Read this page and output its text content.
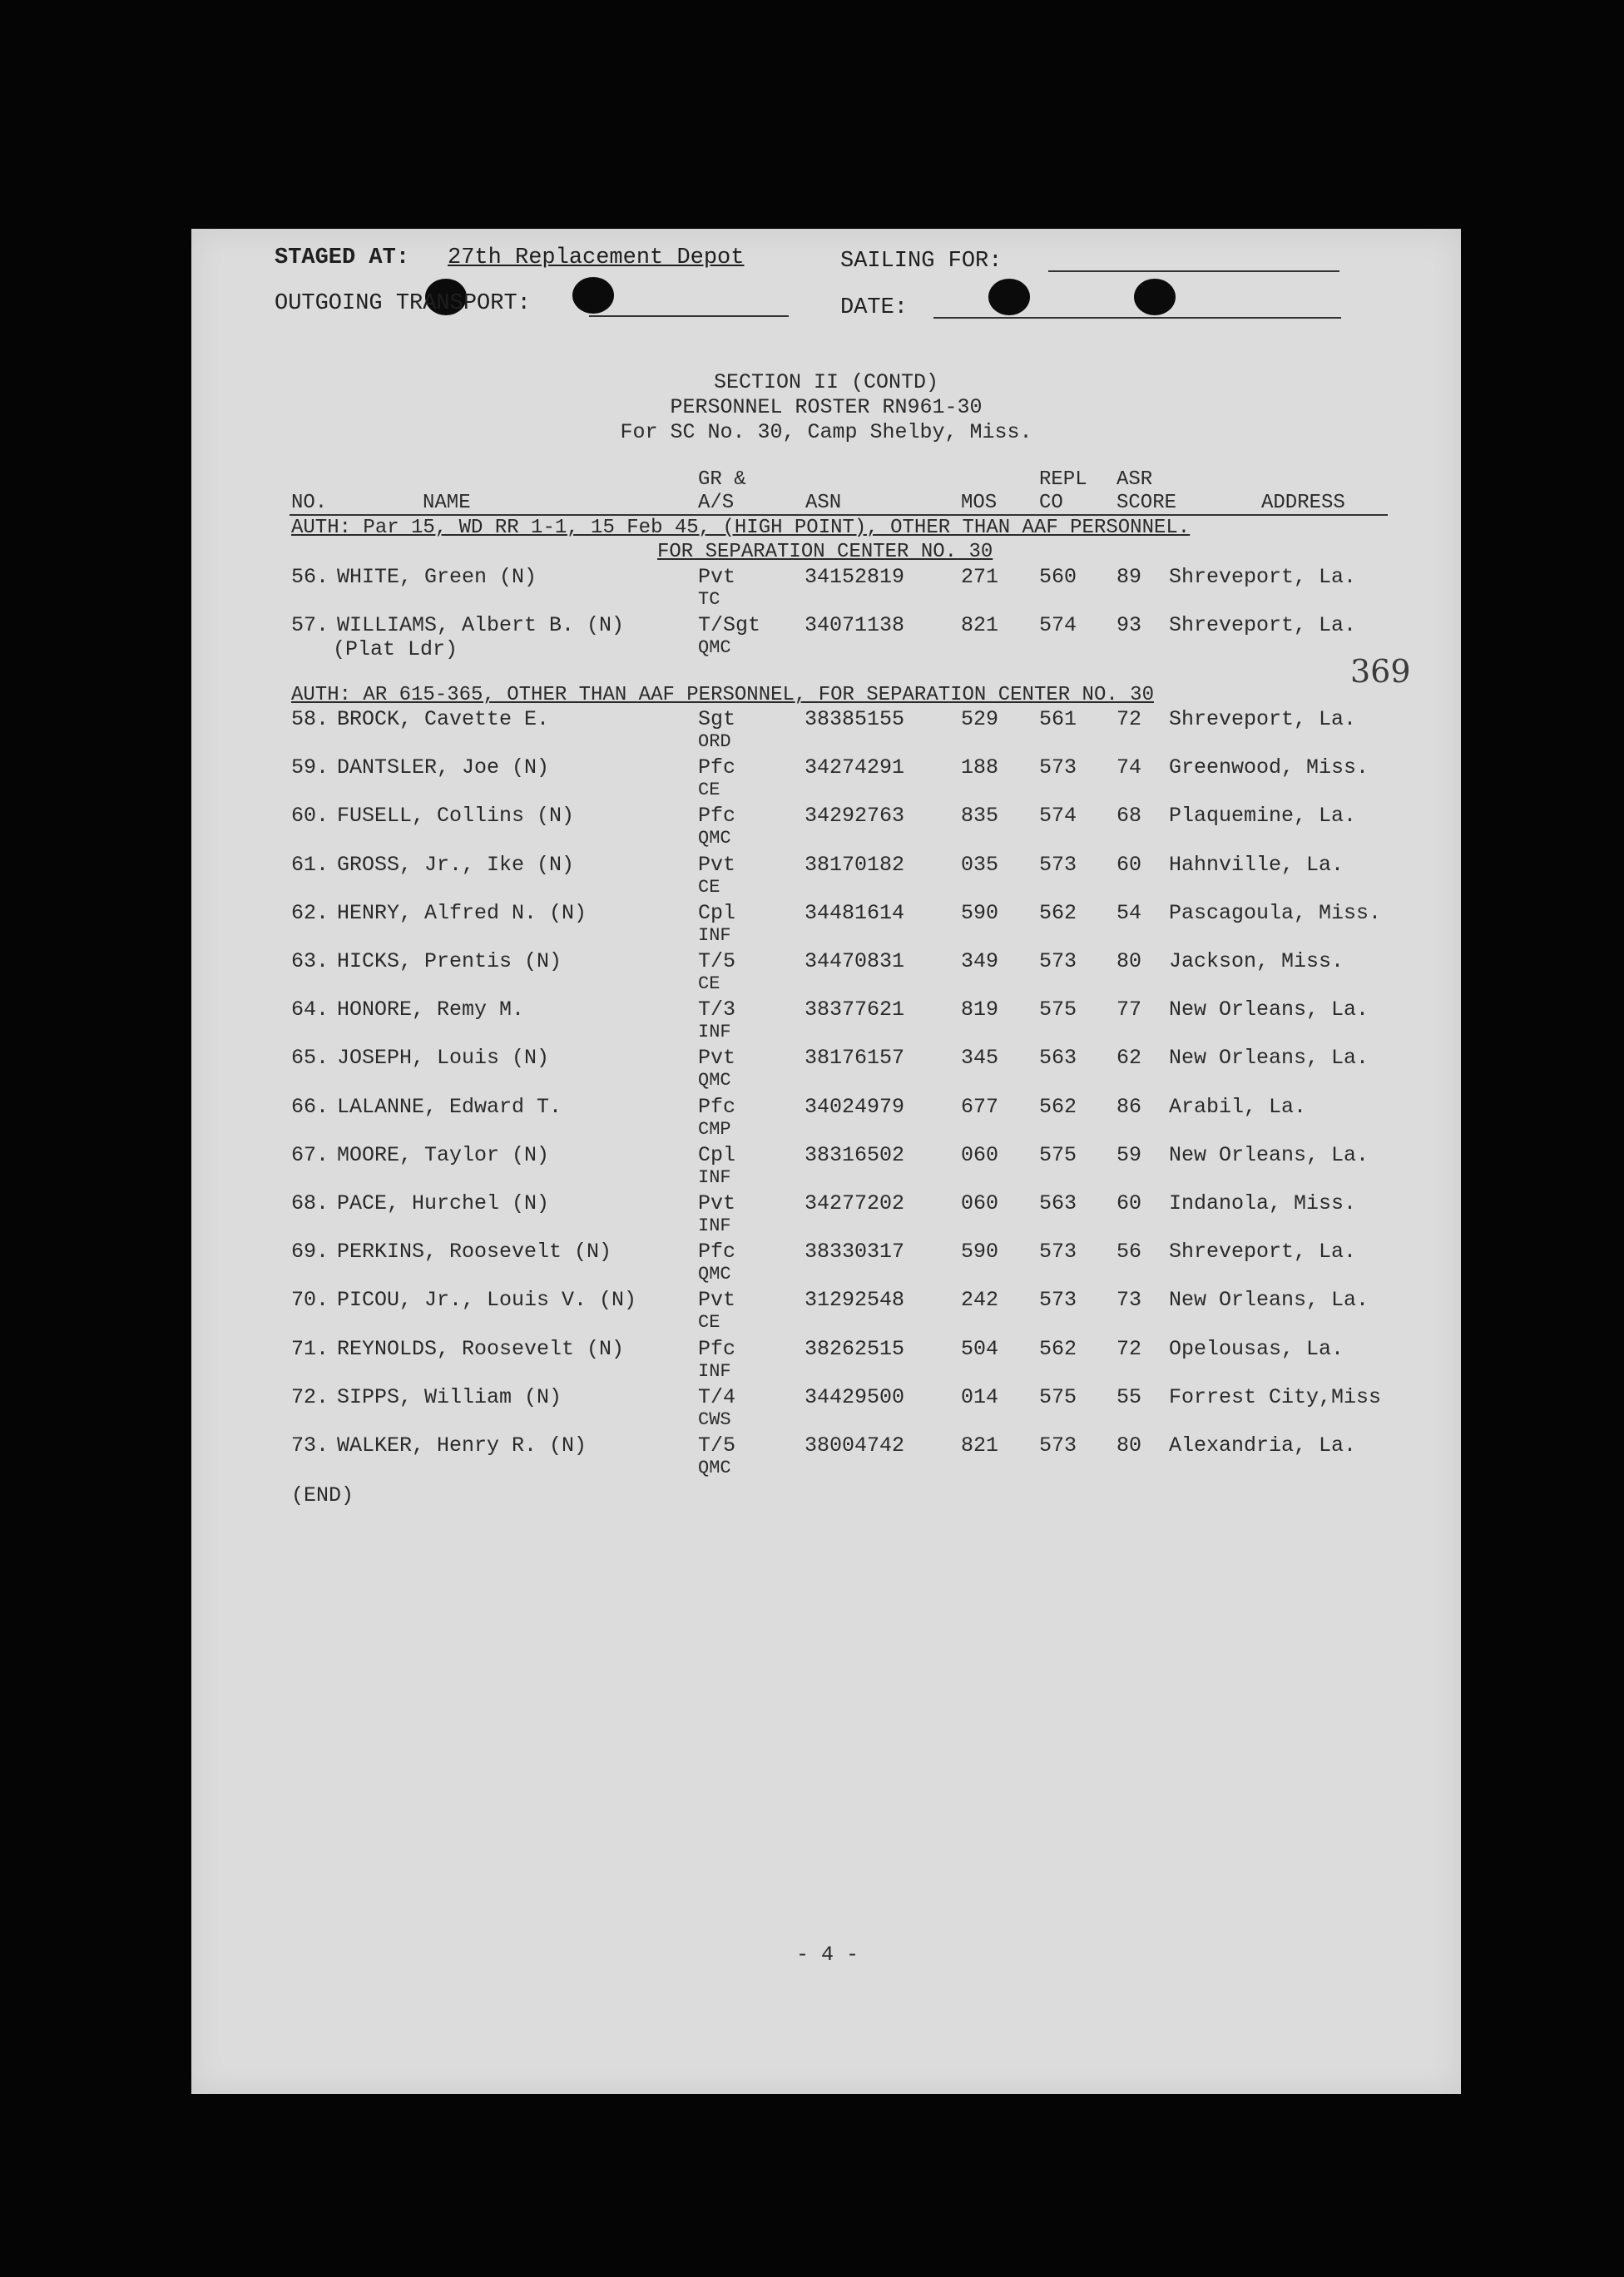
STAGED AT: 27th Replacement Depot	SAILING FOR:
OUTGOING TRANSPORT:	DATE:
SECTION II (CONTD)
PERSONNEL ROSTER RN961-30
For SC No. 30, Camp Shelby, Miss.
GR &	REPL ASR
NO.	NAME	A/S	ASN	MOS CO	SCORE	ADDRESS
AUTH: Par 15, WD RR 1-1, 15 Feb 45, (HIGH POINT), OTHER THAN AAF PERSONNEL.
FOR SEPARATION CENTER NO. 30
56. WHITE, Green (N)	Pvt	34152819	271 560 89 Shreveport, La.
TC
57. WILLIAMS, Albert B. (N)	T/Sgt 34071138	821 574 93 Shreveport, La.
QMC
(Plat Ldr)
369
AUTH: AR 615-365, OTHER THAN AAF PERSONNEL, FOR SEPARATION CENTER NO. 30
58. BROCK, Cavette E.	Sgt	38385155	529 561 72 Shreveport, La.
ORD
59. DANTSLER, Joe (N)	Pfc	34274291	188 573 74 Greenwood, Miss.
CE
60. FUSELL, Collins (N)	Pfc	34292763	835 574 68 Plaquemine, La.
QMC
61. GROSS, Jr., Ike (N)	Pvt	38170182	035 573 60 Hahnville, La.
CE
62. HENRY, Alfred N. (N)	Cpl	34481614	590 562 54 Pascagoula, Miss.
INF
63. HICKS, Prentis (N)	T/5	34470831	349 573 80 Jackson, Miss.
CE
64. HONORE, Remy M.	T/3	38377621	819 575 77 New Orleans, La.
INF
65. JOSEPH, Louis (N)	Pvt	38176157	345 563 62 New Orleans, La.
QMC
66. LALANNE, Edward T.	Pfc	34024979	677 562 86 Arabil, La.
CMP
67. MOORE, Taylor (N)	Cpl	38316502	060 575 59 New Orleans, La.
INF
68. PACE, Hurchel (N)	Pvt	34277202	060 563 60 Indanola, Miss.
INF
69. PERKINS, Roosevelt (N)	Pfc	38330317	590 573 56 Shreveport, La.
QMC
70. PICOU, Jr., Louis V. (N)	Pvt	31292548	242 573 73 New Orleans, La.
CE
71. REYNOLDS, Roosevelt (N)	Pfc	38262515	504 562 72 Opelousas, La.
INF
72. SIPPS, William (N)	T/4	34429500	014 575 55 Forrest City,Miss
CWS
73. WALKER, Henry R. (N)	T/5	38004742	821 573 80 Alexandria, La.
QMC
(END)
- 4 -
